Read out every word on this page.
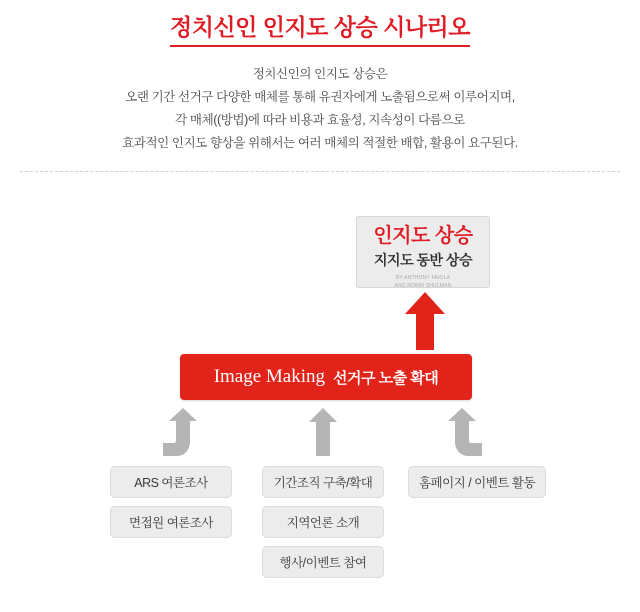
정치신인 인지도 상승 시나리오
정치신인의 인지도 상승은
오랜 기간 선거구 다양한 매체를 통해 유권자에게 노출됨으로써 이루어지며,
각 매체((방법)에 따라 비용과 효율성, 지속성이 다름으로
효과적인 인지도 향상을 위해서는 여러 매체의 적절한 배합, 활용이 요구된다.
인지도 상승
지지도 동반 상승
BY ANTHONY FAIOLA
AND ROBIN SHULMAN
Image Making 선거구 노출 확대
ARS 여론조사
면접원 여론조사
기간조직 구축/확대
지역언론 소개
행사/이벤트 참여
홈페이지 / 이벤트 활동
